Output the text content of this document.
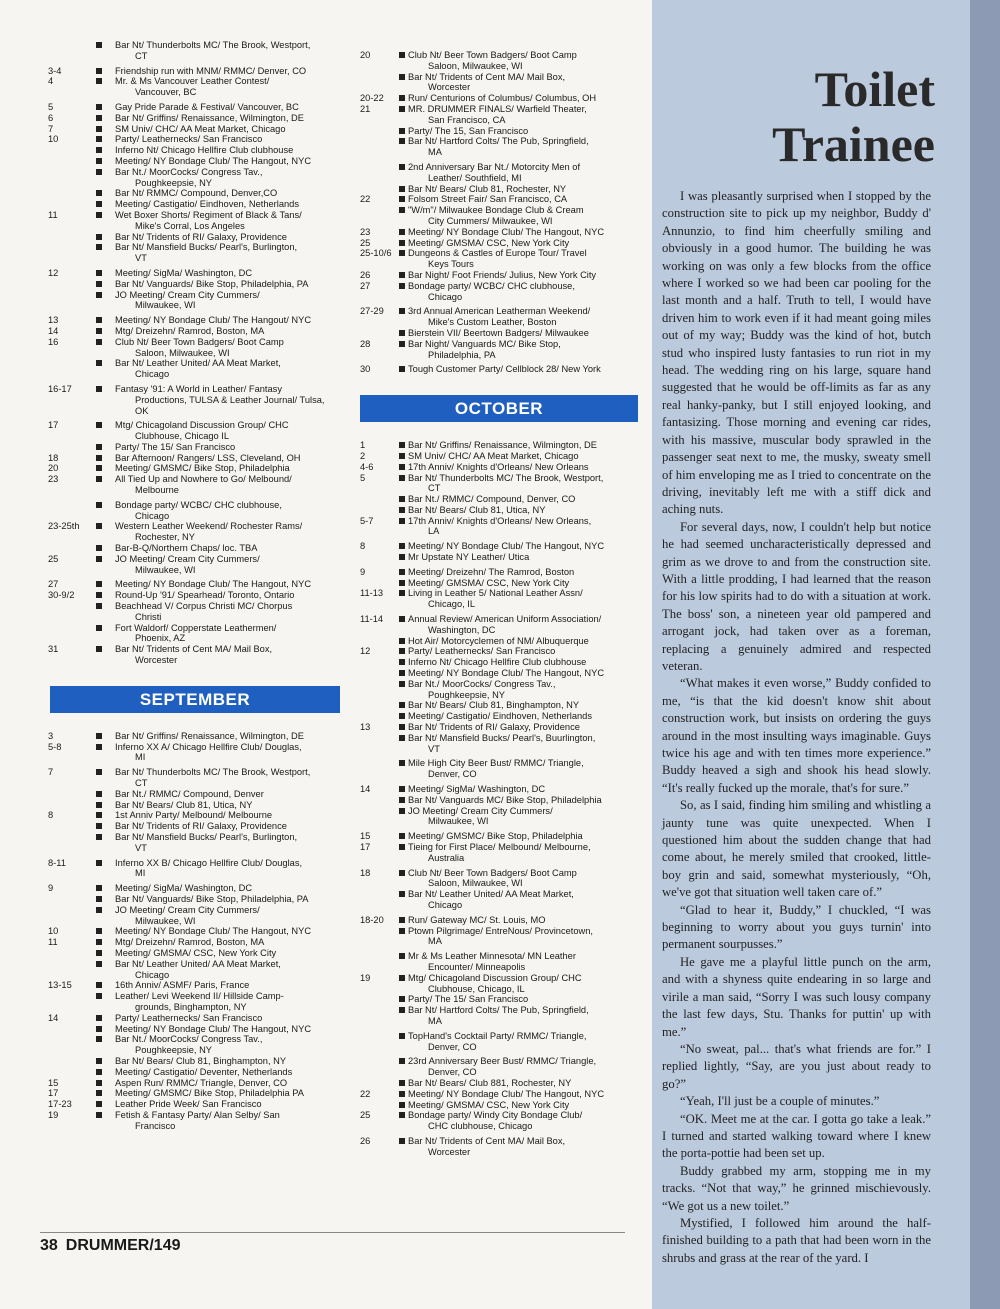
Bar Nt/ Thunderbolts MC/ The Brook, Westport,
CT
3-4	Friendship run with MNM/ RMMC/ Denver, CO
4	Mr. & Ms Vancouver Leather Contest/
Vancouver, BC
5	Gay Pride Parade & Festival/ Vancouver, BC
6	Bar Nt/ Griffins/ Renaissance, Wilmington, DE
7	SM Univ/ CHC/ AA Meat Market, Chicago
10	Party/ Leathernecks/ San Francisco
Inferno Nt/ Chicago Hellfire Club clubhouse
Meeting/ NY Bondage Club/ The Hangout, NYC
Bar Nt./ MoorCocks/ Congress Tav.,
Poughkeepsie, NY
Bar Nt/ RMMC/ Compound, Denver,CO
Meeting/ Castigatio/ Eindhoven, Netherlands
11	Wet Boxer Shorts/ Regiment of Black & Tans/
Mike's Corral, Los Angeles
Bar Nt/ Tridents of RI/ Galaxy, Providence
Bar Nt/ Mansfield Bucks/ Pearl's, Burlington,
VT
12	Meeting/ SigMa/ Washington, DC
Bar Nt/ Vanguards/ Bike Stop, Philadelphia, PA
JO Meeting/ Cream City Cummers/
Milwaukee, WI
13	Meeting/ NY Bondage Club/ The Hangout/ NYC
14	Mtg/ Dreizehn/ Ramrod, Boston, MA
16	Club Nt/ Beer Town Badgers/ Boot Camp
Saloon, Milwaukee, WI
Bar Nt/ Leather United/ AA Meat Market,
Chicago
16-17	Fantasy '91: A World in Leather/ Fantasy
Productions, TULSA & Leather Journal/ Tulsa, OK
17	Mtg/ Chicagoland Discussion Group/ CHC
Clubhouse, Chicago IL
Party/ The 15/ San Francisco
18	Bar Afternoon/ Rangers/ LSS, Cleveland, OH
20	Meeting/ GMSMC/ Bike Stop, Philadelphia
23	All Tied Up and Nowhere to Go/ Melbound/
Melbourne
Bondage party/ WCBC/ CHC clubhouse,
Chicago
23-25th	Western Leather Weekend/ Rochester Rams/
Rochester, NY
Bar-B-Q/Northern Chaps/ loc. TBA
25	JO Meeting/ Cream City Cummers/
Milwaukee, WI
27	Meeting/ NY Bondage Club/ The Hangout, NYC
30-9/2	Round-Up '91/ Spearhead/ Toronto, Ontario
Beachhead V/ Corpus Christi MC/ Chorpus
Christi
Fort Waldorf/ Copperstate Leathermen/
Phoenix, AZ
31	Bar Nt/ Tridents of Cent MA/ Mail Box,
Worcester
SEPTEMBER
3	Bar Nt/ Griffins/ Renaissance, Wilmington, DE
5-8	Inferno XX A/ Chicago Hellfire Club/ Douglas,
MI
7	Bar Nt/ Thunderbolts MC/ The Brook, Westport,
CT
Bar Nt./ RMMC/ Compound, Denver
Bar Nt/ Bears/ Club 81, Utica, NY
8	1st Anniv Party/ Melbound/ Melbourne
Bar Nt/ Tridents of RI/ Galaxy, Providence
Bar Nt/ Mansfield Bucks/ Pearl's, Burlington,
VT
8-11	Inferno XX B/ Chicago Hellfire Club/ Douglas,
MI
9	Meeting/ SigMa/ Washington, DC
Bar Nt/ Vanguards/ Bike Stop, Philadelphia, PA
JO Meeting/ Cream City Cummers/
Milwaukee, WI
10	Meeting/ NY Bondage Club/ The Hangout, NYC
11	Mtg/ Dreizehn/ Ramrod, Boston, MA
Meeting/ GMSMA/ CSC, New York City
Bar Nt/ Leather United/ AA Meat Market,
Chicago
13-15	16th Anniv/ ASMF/ Paris, France
Leather/ Levi Weekend II/ Hillside Camp-
grounds, Binghampton, NY
14	Party/ Leathernecks/ San Francisco
Meeting/ NY Bondage Club/ The Hangout, NYC
Bar Nt./ MoorCocks/ Congress Tav.,
Poughkeepsie, NY
Bar Nt/ Bears/ Club 81, Binghampton, NY
Meeting/ Castigatio/ Deventer, Netherlands
15	Aspen Run/ RMMC/ Triangle, Denver, CO
17	Meeting/ GMSMC/ Bike Stop, Philadelphia PA
17-23	Leather Pride Week/ San Francisco
19	Fetish & Fantasy Party/ Alan Selby/ San
Francisco
20	Club Nt/ Beer Town Badgers/ Boot Camp
Saloon, Milwaukee, WI
Bar Nt/ Tridents of Cent MA/ Mail Box,
Worcester
20-22	Run/ Centurions of Columbus/ Columbus, OH
21	MR. DRUMMER FINALS/ Warfield Theater,
San Francisco, CA
Party/ The 15, San Francisco
Bar Nt/ Hartford Colts/ The Pub, Springfield,
MA
2nd Anniversary Bar Nt./ Motorcity Men of
Leather/ Southfield, MI
Bar Nt/ Bears/ Club 81, Rochester, NY
22	Folsom Street Fair/ San Francisco, CA
"W/m"/ Milwaukee Bondage Club & Cream
City Cummers/ Milwaukee, WI
23	Meeting/ NY Bondage Club/ The Hangout, NYC
25	Meeting/ GMSMA/ CSC, New York City
25-10/6	Dungeons & Castles of Europe Tour/ Travel
Keys Tours
26	Bar Night/ Foot Friends/ Julius, New York City
27	Bondage party/ WCBC/ CHC clubhouse,
Chicago
27-29	3rd Annual American Leatherman Weekend/
Mike's Custom Leather, Boston
Bierstein VII/ Beertown Badgers/ Milwaukee
28	Bar Night/ Vanguards MC/ Bike Stop,
Philadelphia, PA
30	Tough Customer Party/ Cellblock 28/ New York
OCTOBER
1	Bar Nt/ Griffins/ Renaissance, Wilmington, DE
2	SM Univ/ CHC/ AA Meat Market, Chicago
4-6	17th Anniv/ Knights d'Orleans/ New Orleans
5	Bar Nt/ Thunderbolts MC/ The Brook, Westport,
CT
Bar Nt./ RMMC/ Compound, Denver, CO
Bar Nt/ Bears/ Club 81, Utica, NY
5-7	17th Anniv/ Knights d'Orleans/ New Orleans,
LA
8	Meeting/ NY Bondage Club/ The Hangout, NYC
Mr Upstate NY Leather/ Utica
9	Meeting/ Dreizehn/ The Ramrod, Boston
Meeting/ GMSMA/ CSC, New York City
11-13	Living in Leather 5/ National Leather Assn/
Chicago, IL
11-14	Annual Review/ American Uniform Association/
Washington, DC
Hot Air/ Motorcyclemen of NM/ Albuquerque
12	Party/ Leathernecks/ San Francisco
Inferno Nt/ Chicago Hellfire Club clubhouse
Meeting/ NY Bondage Club/ The Hangout, NYC
Bar Nt./ MoorCocks/ Congress Tav.,
Poughkeepsie, NY
Bar Nt/ Bears/ Club 81, Binghampton, NY
Meeting/ Castigatio/ Eindhoven, Netherlands
13	Bar Nt/ Tridents of RI/ Galaxy, Providence
Bar Nt/ Mansfield Bucks/ Pearl's, Buurlington,
VT
Mile High City Beer Bust/ RMMC/ Triangle,
Denver, CO
14	Meeting/ SigMa/ Washington, DC
Bar Nt/ Vanguards MC/ Bike Stop, Philadelphia
JO Meeting/ Cream City Cummers/
Milwaukee, WI
15	Meeting/ GMSMC/ Bike Stop, Philadelphia
17	Tieing for First Place/ Melbound/ Melbourne,
Australia
18	Club Nt/ Beer Town Badgers/ Boot Camp
Saloon, Milwaukee, WI
Bar Nt/ Leather United/ AA Meat Market,
Chicago
18-20	Run/ Gateway MC/ St. Louis, MO
Ptown Pilgrimage/ EntreNous/ Provincetown,
MA
Mr & Ms Leather Minnesota/ MN Leather
Encounter/ Minneapolis
19	Mtg/ Chicagoland Discussion Group/ CHC
Clubhouse, Chicago, IL
Party/ The 15/ San Francisco
Bar Nt/ Hartford Colts/ The Pub, Springfield,
MA
TopHand's Cocktail Party/ RMMC/ Triangle,
Denver, CO
23rd Anniversary Beer Bust/ RMMC/ Triangle,
Denver, CO
Bar Nt/ Bears/ Club 881, Rochester, NY
22	Meeting/ NY Bondage Club/ The Hangout, NYC
Meeting/ GMSMA/ CSC, New York City
25	Bondage party/ Windy City Bondage Club/
CHC clubhouse, Chicago
26	Bar Nt/ Tridents of Cent MA/ Mail Box,
Worcester
38 DRUMMER/149
Toilet
Trainee

I was pleasantly surprised when I stopped by the construction site to pick up my neighbor, Buddy d' Annunzio, to find him cheerfully smiling and obviously in a good humor. The building he was working on was only a few blocks from the office where I worked so we had been car pooling for the last month and a half. Truth to tell, I would have driven him to work even if it had meant going miles out of my way; Buddy was the kind of hot, butch stud who inspired lusty fantasies to run riot in my head. The wedding ring on his large, square hand suggested that he would be off-limits as far as any real hanky-panky, but I still enjoyed looking, and fantasizing. Those morning and evening car rides, with his massive, muscular body sprawled in the passenger seat next to me, the musky, sweaty smell of him enveloping me as I tried to concentrate on the driving, inevitably left me with a stiff dick and aching nuts.

For several days, now, I couldn't help but notice he had seemed uncharacteristically depressed and grim as we drove to and from the construction site. With a little prodding, I had learned that the reason for his low spirits had to do with a situation at work. The boss' son, a nineteen year old pampered and arrogant jock, had taken over as a foreman, replacing a genuinely admired and respected veteran.

“What makes it even worse,” Buddy confided to me, “is that the kid doesn't know shit about construction work, but insists on ordering the guys around in the most insulting ways imaginable. Guys twice his age and with ten times more experience.” Buddy heaved a sigh and shook his head slowly. “It's really fucked up the morale, that's for sure.”

So, as I said, finding him smiling and whistling a jaunty tune was quite unexpected. When I questioned him about the sudden change that had come about, he merely smiled that crooked, little-boy grin and said, somewhat mysteriously, “Oh, we've got that situation well taken care of.”

“Glad to hear it, Buddy,” I chuckled, “I was beginning to worry about you guys turnin' into permanent sourpusses.”

He gave me a playful little punch on the arm, and with a shyness quite endearing in so large and virile a man said, “Sorry I was such lousy company the last few days, Stu. Thanks for puttin' up with me.”

“No sweat, pal... that's what friends are for.” I replied lightly, “Say, are you just about ready to go?”

“Yeah, I'll just be a couple of minutes.”

“OK. Meet me at the car. I gotta go take a leak.” I turned and started walking toward where I knew the porta-pottie had been set up.

Buddy grabbed my arm, stopping me in my tracks. “Not that way,” he grinned mischievously. “We got us a new toilet.”

Mystified, I followed him around the half-finished building to a path that had been worn in the shrubs and grass at the rear of the yard. I
